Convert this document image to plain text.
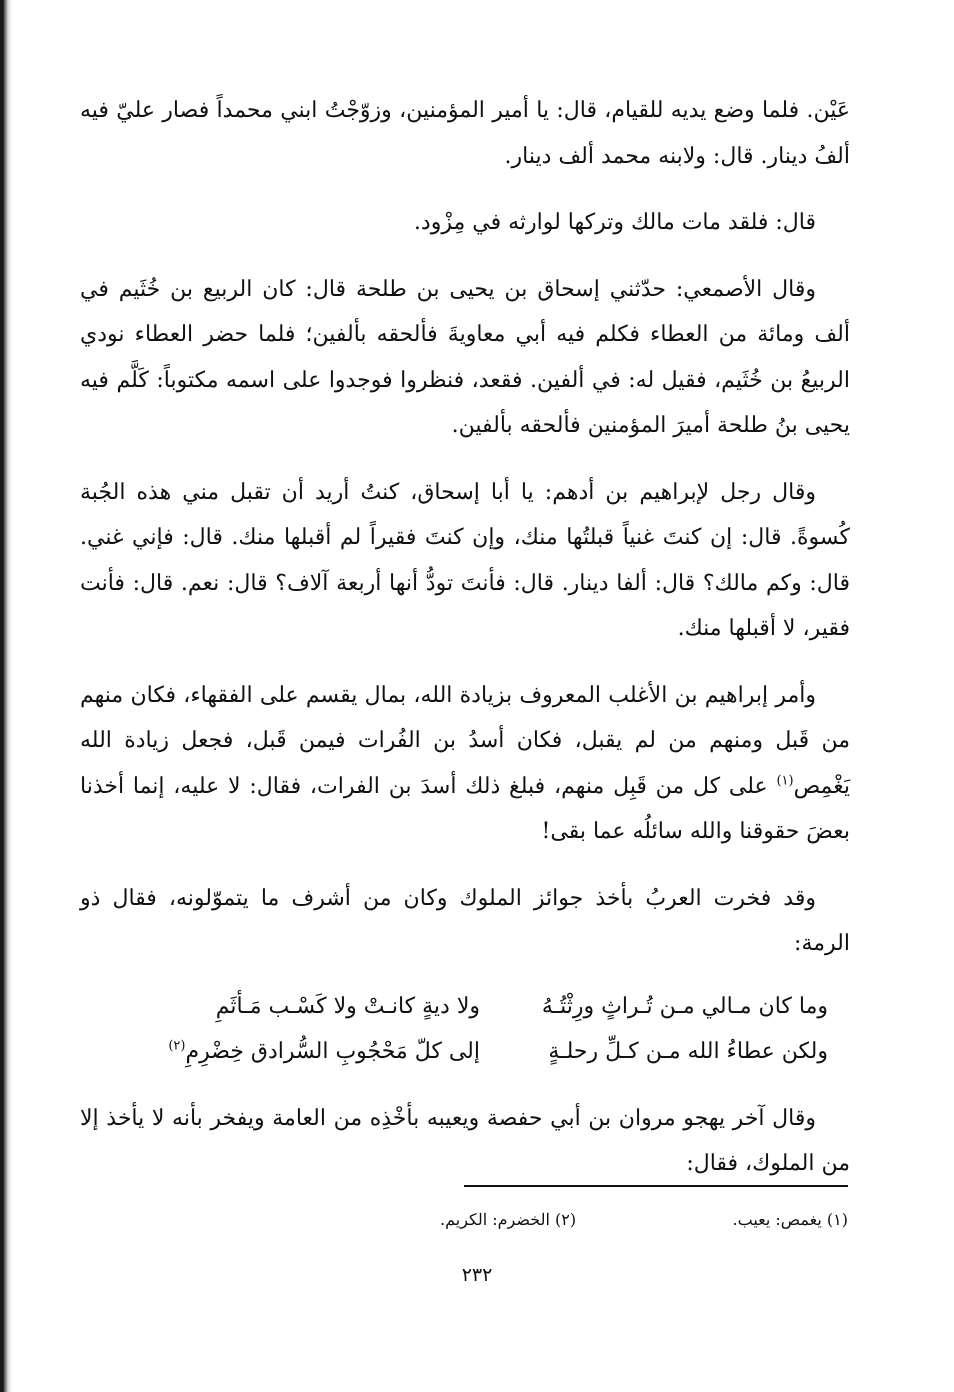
عَيْن. فلما وضع يديه للقيام، قال: يا أمير المؤمنين، وزوّجْتُ ابني محمداً فصار عليّ فيه ألفُ دينار. قال: ولابنه محمد ألف دينار.

قال: فلقد مات مالك وتركها لوارثه في مِزْود.

وقال الأصمعي: حدّثني إسحاق بن يحيى بن طلحة قال: كان الربيع بن خُثَيم في ألف ومائة من العطاء فكلم فيه أبي معاويةَ فألحقه بألفين؛ فلما حضر العطاء نودي الربيعُ بن خُثَيم، فقيل له: في ألفين. فقعد، فنظروا فوجدوا على اسمه مكتوباً: كَلَّم فيه يحيى بنُ طلحة أميرَ المؤمنين فألحقه بألفين.

وقال رجل لإبراهيم بن أدهم: يا أبا إسحاق، كنتُ أريد أن تقبل مني هذه الجُبة كُسوةً. قال: إن كنتَ غنياً قبلتُها منك، وإن كنتَ فقيراً لم أقبلها منك. قال: فإني غني. قال: وكم مالك؟ قال: ألفا دينار. قال: فأنتَ تودُّ أنها أربعة آلاف؟ قال: نعم. قال: فأنت فقير، لا أقبلها منك.

وأمر إبراهيم بن الأغلب المعروف بزيادة الله، بمال يقسم على الفقهاء، فكان منهم من قَبل ومنهم من لم يقبل، فكان أسدُ بن الفُرات فيمن قَبل، فجعل زيادة الله يَغْمِص$^{(١)}$ على كل من قَبِل منهم، فبلغ ذلك أسدَ بن الفرات، فقال: لا عليه، إنما أخذنا بعضَ حقوقنا والله سائلُه عما بقى!

وقد فخرت العربُ بأخذ جوائز الملوك وكان من أشرف ما يتموّلونه، فقال ذو الرمة:

وما كان مـالي مـن تُـراثٍ ورِثْتُـهُ
ولا ديةٍ كانـتْ ولا كَسْـب مَـأثَمِ
ولكن عطاءُ الله مـن كـلِّ رحلـةٍ
إلى كلّ مَحْجُوبِ السُّرادق خِضْرِمِ$^{(٢)}$

وقال آخر يهجو مروان بن أبي حفصة ويعيبه بأخْذِه من العامة ويفخر بأنه لا يأخذ إلا من الملوك، فقال:

(١) يغمص: يعيب.
(٢) الخضرم: الكريم.
٢٣٢
